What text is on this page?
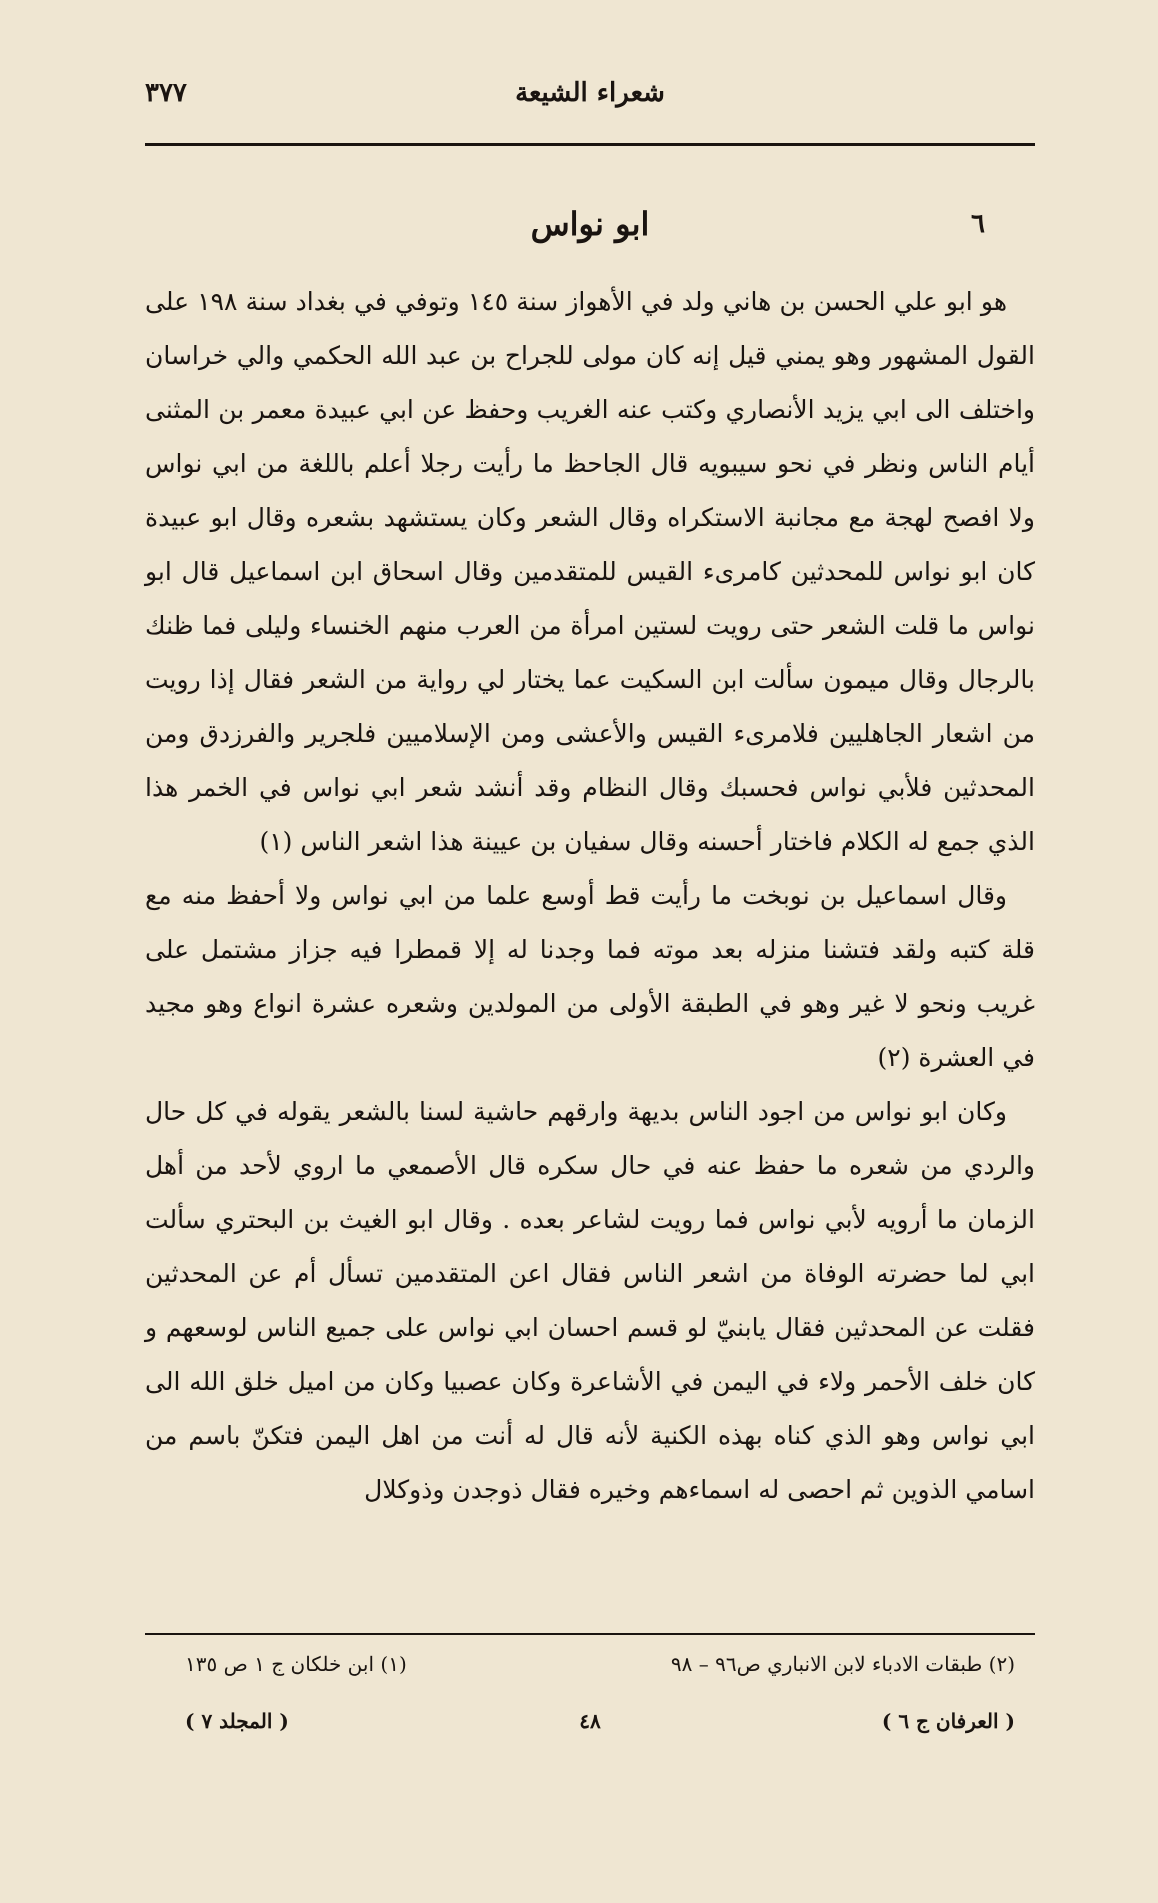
شعراء الشيعة
٣٧٧
٦
ابو نواس

هو ابو علي الحسن بن هاني ولد في الأهواز سنة ١٤٥ وتوفي في بغداد سنة ١٩٨ على القول المشهور وهو يمني قيل إنه كان مولى للجراح بن عبد الله الحكمي والي خراسان واختلف الى ابي يزيد الأنصاري وكتب عنه الغريب وحفظ عن ابي عبيدة معمر بن المثنى أيام الناس ونظر في نحو سيبويه قال الجاحظ ما رأيت رجلا أعلم باللغة من ابي نواس ولا افصح لهجة مع مجانبة الاستكراه وقال الشعر وكان يستشهد بشعره وقال ابو عبيدة كان ابو نواس للمحدثين كامرىء القيس للمتقدمين وقال اسحاق ابن اسماعيل قال ابو نواس ما قلت الشعر حتى رويت لستين امرأة من العرب منهم الخنساء وليلى فما ظنك بالرجال وقال ميمون سألت ابن السكيت عما يختار لي رواية من الشعر فقال إذا رويت من اشعار الجاهليين فلامرىء القيس والأعشى ومن الإسلاميين فلجرير والفرزدق ومن المحدثين فلأبي نواس فحسبك وقال النظام وقد أنشد شعر ابي نواس في الخمر هذا الذي جمع له الكلام فاختار أحسنه وقال سفيان بن عيينة هذا اشعر الناس (١)

وقال اسماعيل بن نوبخت ما رأيت قط أوسع علما من ابي نواس ولا أحفظ منه مع قلة كتبه ولقد فتشنا منزله بعد موته فما وجدنا له إلا قمطرا فيه جزاز مشتمل على غريب ونحو لا غير وهو في الطبقة الأولى من المولدين وشعره عشرة انواع وهو مجيد في العشرة (٢)

وكان ابو نواس من اجود الناس بديهة وارقهم حاشية لسنا بالشعر يقوله في كل حال والردي من شعره ما حفظ عنه في حال سكره قال الأصمعي ما اروي لأحد من أهل الزمان ما أرويه لأبي نواس فما رويت لشاعر بعده . وقال ابو الغيث بن البحتري سألت ابي لما حضرته الوفاة من اشعر الناس فقال اعن المتقدمين تسأل أم عن المحدثين فقلت عن المحدثين فقال يابنيّ لو قسم احسان ابي نواس على جميع الناس لوسعهم و كان خلف الأحمر ولاء في اليمن في الأشاعرة وكان عصبيا وكان من اميل خلق الله الى ابي نواس وهو الذي كناه بهذه الكنية لأنه قال له أنت من اهل اليمن فتكنّ باسم من اسامي الذوين ثم احصى له اسماءهم وخيره فقال ذوجدن وذوكلال

(٢) طبقات الادباء لابن الانباري ص٩٦ – ٩٨
(١) ابن خلكان ج ١ ص ١٣٥
( العرفان ج ٦ )
٤٨
( المجلد ٧ )
